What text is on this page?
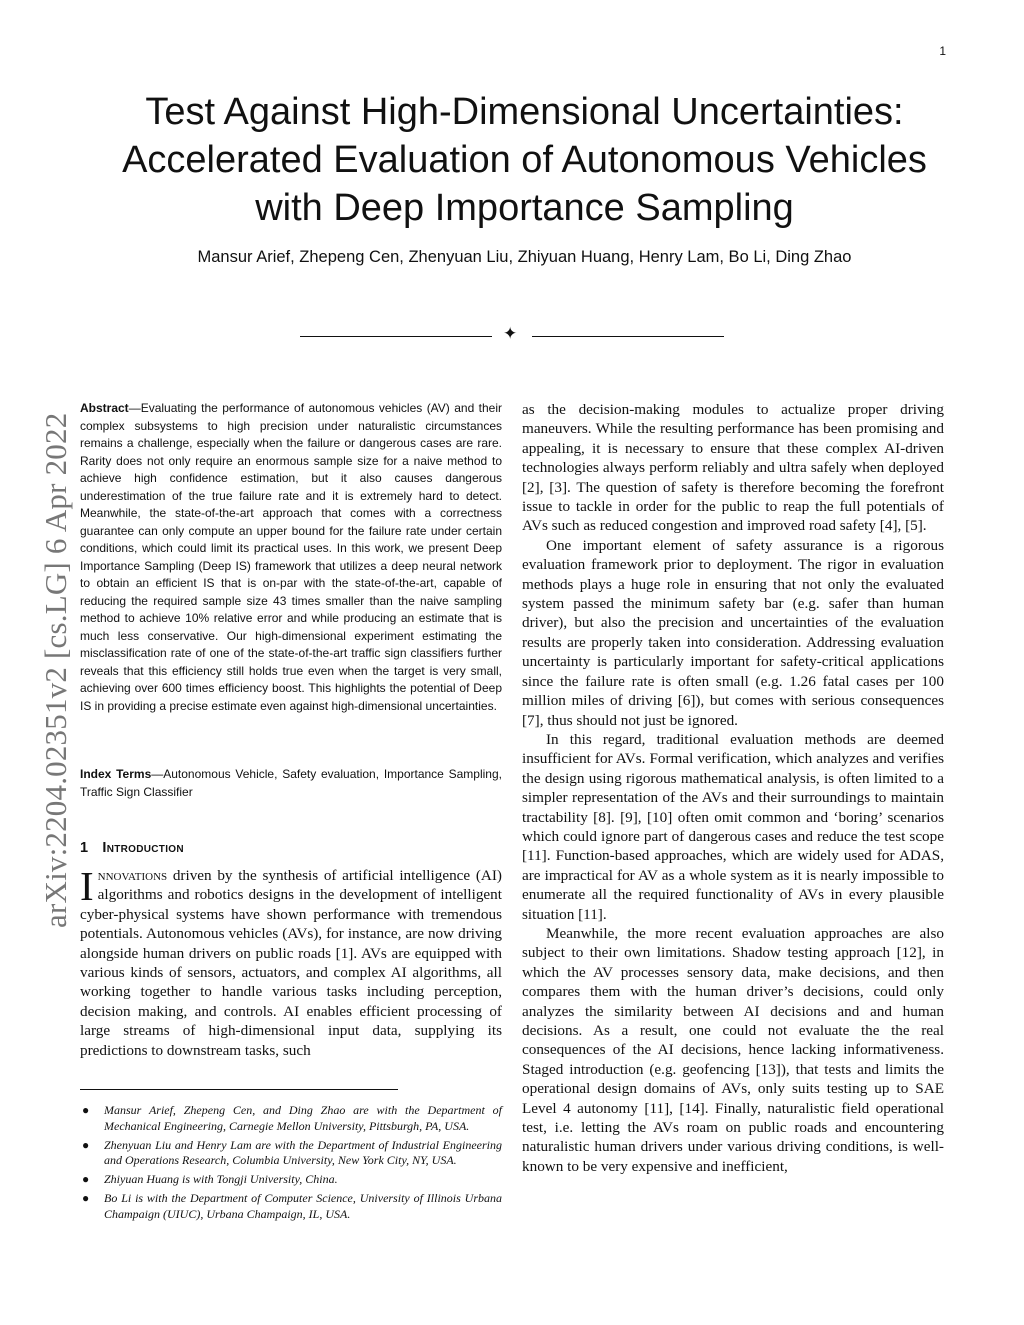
1
arXiv:2204.02351v2 [cs.LG] 6 Apr 2022
Test Against High-Dimensional Uncertainties:
Accelerated Evaluation of Autonomous Vehicles
with Deep Importance Sampling
Mansur Arief, Zhepeng Cen, Zhenyuan Liu, Zhiyuan Huang, Henry Lam, Bo Li, Ding Zhao
✦

Abstract—Evaluating the performance of autonomous vehicles (AV) and their complex subsystems to high precision under naturalistic circumstances remains a challenge, especially when the failure or dangerous cases are rare. Rarity does not only require an enormous sample size for a naive method to achieve high confidence estimation, but it also causes dangerous underestimation of the true failure rate and it is extremely hard to detect. Meanwhile, the state-of-the-art approach that comes with a correctness guarantee can only compute an upper bound for the failure rate under certain conditions, which could limit its practical uses. In this work, we present Deep Importance Sampling (Deep IS) framework that utilizes a deep neural network to obtain an efficient IS that is on-par with the state-of-the-art, capable of reducing the required sample size 43 times smaller than the naive sampling method to achieve 10% relative error and while producing an estimate that is much less conservative. Our high-dimensional experiment estimating the misclassification rate of one of the state-of-the-art traffic sign classifiers further reveals that this efficiency still holds true even when the target is very small, achieving over 600 times efficiency boost. This highlights the potential of Deep IS in providing a precise estimate even against high-dimensional uncertainties.

Index Terms—Autonomous Vehicle, Safety evaluation, Importance Sampling, Traffic Sign Classifier

1 Introduction

Innovations driven by the synthesis of artificial intelligence (AI) algorithms and robotics designs in the development of intelligent cyber-physical systems have shown performance with tremendous potentials. Autonomous vehicles (AVs), for instance, are now driving alongside human drivers on public roads [1]. AVs are equipped with various kinds of sensors, actuators, and complex AI algorithms, all working together to handle various tasks including perception, decision making, and controls. AI enables efficient processing of large streams of high-dimensional input data, supplying its predictions to downstream tasks, such

● Mansur Arief, Zhepeng Cen, and Ding Zhao are with the Department of Mechanical Engineering, Carnegie Mellon University, Pittsburgh, PA, USA.
● Zhenyuan Liu and Henry Lam are with the Department of Industrial Engineering and Operations Research, Columbia University, New York City, NY, USA.
● Zhiyuan Huang is with Tongji University, China.
● Bo Li is with the Department of Computer Science, University of Illinois Urbana Champaign (UIUC), Urbana Champaign, IL, USA.

as the decision-making modules to actualize proper driving maneuvers. While the resulting performance has been promising and appealing, it is necessary to ensure that these complex AI-driven technologies always perform reliably and ultra safely when deployed [2], [3]. The question of safety is therefore becoming the forefront issue to tackle in order for the public to reap the full potentials of AVs such as reduced congestion and improved road safety [4], [5].

One important element of safety assurance is a rigorous evaluation framework prior to deployment. The rigor in evaluation methods plays a huge role in ensuring that not only the evaluated system passed the minimum safety bar (e.g. safer than human driver), but also the precision and uncertainties of the evaluation results are properly taken into consideration. Addressing evaluation uncertainty is particularly important for safety-critical applications since the failure rate is often small (e.g. 1.26 fatal cases per 100 million miles of driving [6]), but comes with serious consequences [7], thus should not just be ignored.

In this regard, traditional evaluation methods are deemed insufficient for AVs. Formal verification, which analyzes and verifies the design using rigorous mathematical analysis, is often limited to a simpler representation of the AVs and their surroundings to maintain tractability [8]. [9], [10] often omit common and ‘boring’ scenarios which could ignore part of dangerous cases and reduce the test scope [11]. Function-based approaches, which are widely used for ADAS, are impractical for AV as a whole system as it is nearly impossible to enumerate all the required functionality of AVs in every plausible situation [11].

Meanwhile, the more recent evaluation approaches are also subject to their own limitations. Shadow testing approach [12], in which the AV processes sensory data, make decisions, and then compares them with the human driver’s decisions, could only analyzes the similarity between AI decisions and and human decisions. As a result, one could not evaluate the the real consequences of the AI decisions, hence lacking informativeness. Staged introduction (e.g. geofencing [13]), that tests and limits the operational design domains of AVs, only suits testing up to SAE Level 4 autonomy [11], [14]. Finally, naturalistic field operational test, i.e. letting the AVs roam on public roads and encountering naturalistic human drivers under various driving conditions, is well-known to be very expensive and inefficient,
